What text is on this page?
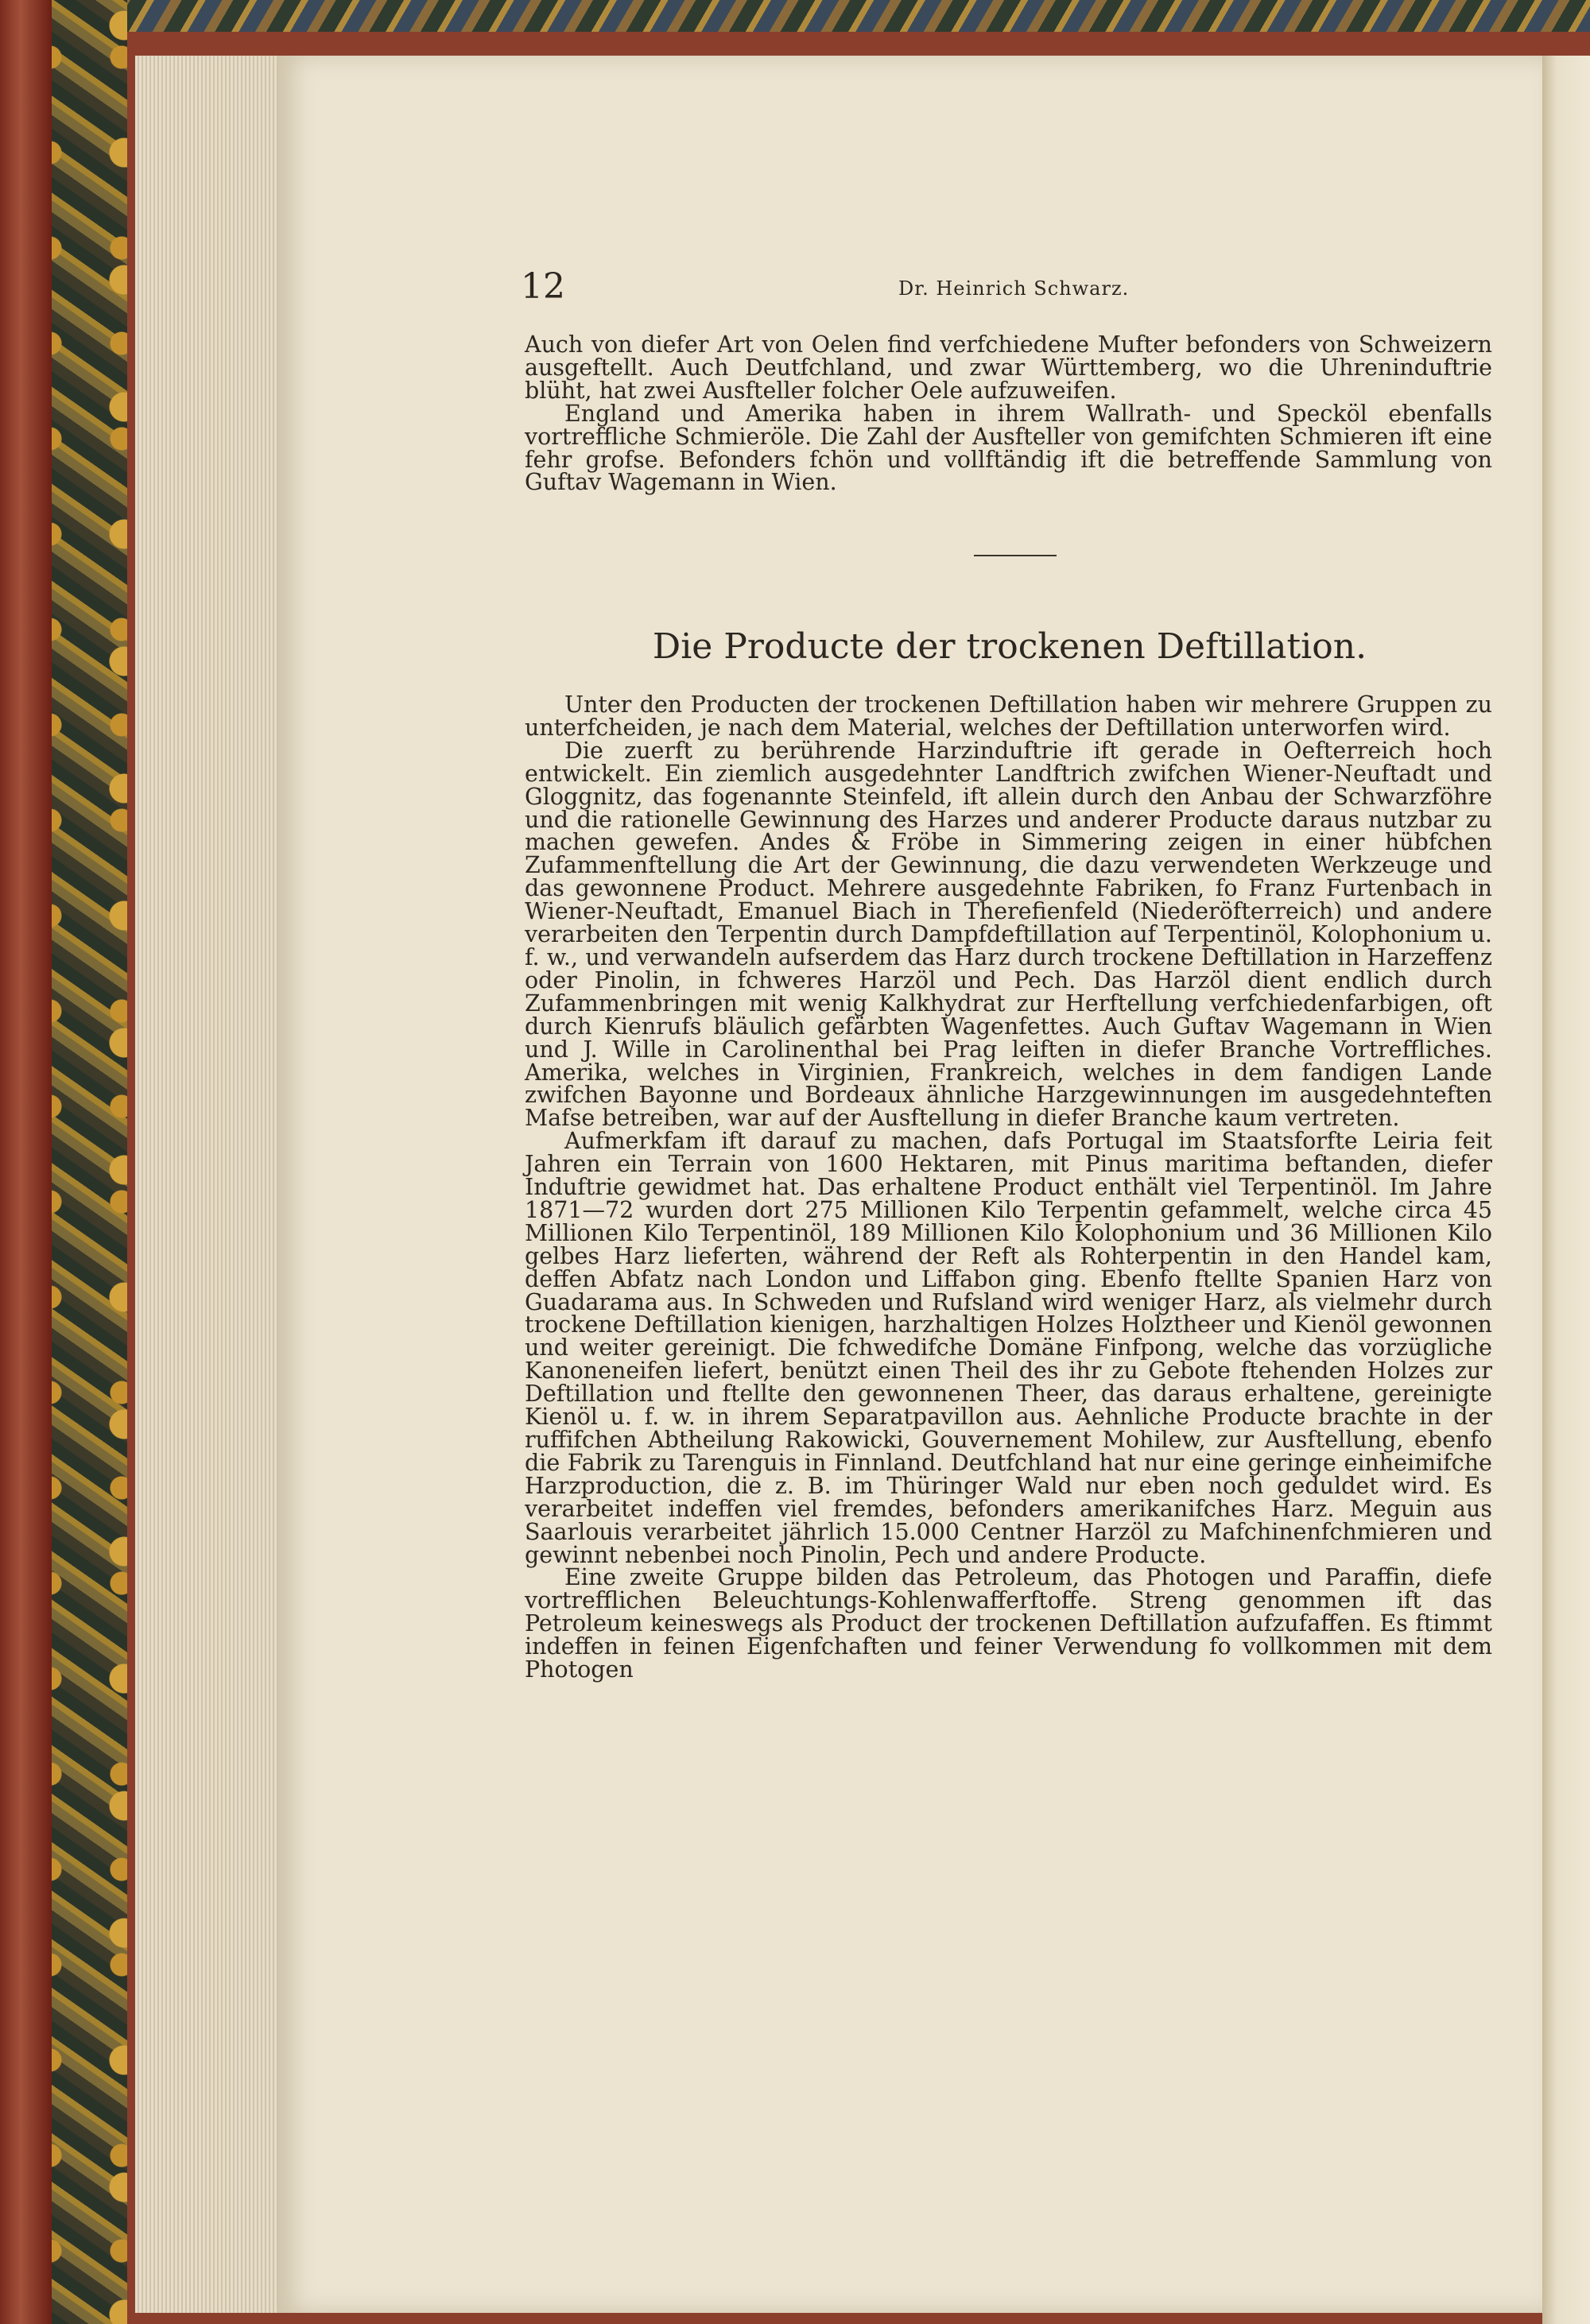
12	Dr. Heinrich Schwarz.

Auch von diefer Art von Oelen find verfchiedene Mufter befonders von Schweizern ausgeftellt. Auch Deutfchland, und zwar Württemberg, wo die Uhreninduftrie blüht, hat zwei Ausfteller folcher Oele aufzuweifen.

England und Amerika haben in ihrem Wallrath- und Specköl ebenfalls vortreffliche Schmieröle. Die Zahl der Ausfteller von gemifchten Schmieren ift eine fehr grofse. Befonders fchön und vollftändig ift die betreffende Sammlung von Guftav Wagemann in Wien.

Die Producte der trockenen Deftillation.

Unter den Producten der trockenen Deftillation haben wir mehrere Gruppen zu unterfcheiden, je nach dem Material, welches der Deftillation unterworfen wird.

Die zuerft zu berührende Harzinduftrie ift gerade in Oefterreich hoch entwickelt. Ein ziemlich ausgedehnter Landftrich zwifchen Wiener-Neuftadt und Gloggnitz, das fogenannte Steinfeld, ift allein durch den Anbau der Schwarzföhre und die rationelle Gewinnung des Harzes und anderer Producte daraus nutzbar zu machen gewefen. Andes & Fröbe in Simmering zeigen in einer hübfchen Zufammenftellung die Art der Gewinnung, die dazu verwendeten Werkzeuge und das gewonnene Product. Mehrere ausgedehnte Fabriken, fo Franz Furtenbach in Wiener-Neuftadt, Emanuel Biach in Therefienfeld (Niederöfterreich) und andere verarbeiten den Terpentin durch Dampfdeftillation auf Terpentinöl, Kolophonium u. f. w., und verwandeln aufserdem das Harz durch trockene Deftillation in Harzeffenz oder Pinolin, in fchweres Harzöl und Pech. Das Harzöl dient endlich durch Zufammenbringen mit wenig Kalkhydrat zur Herftellung verfchiedenfarbigen, oft durch Kienrufs bläulich gefärbten Wagenfettes. Auch Guftav Wagemann in Wien und J. Wille in Carolinenthal bei Prag leiften in diefer Branche Vortreffliches. Amerika, welches in Virginien, Frankreich, welches in dem fandigen Lande zwifchen Bayonne und Bordeaux ähnliche Harzgewinnungen im ausgedehnteften Mafse betreiben, war auf der Ausftellung in diefer Branche kaum vertreten.

Aufmerkfam ift darauf zu machen, dafs Portugal im Staatsforfte Leiria feit Jahren ein Terrain von 1600 Hektaren, mit Pinus maritima beftanden, diefer Induftrie gewidmet hat. Das erhaltene Product enthält viel Terpentinöl. Im Jahre 1871—72 wurden dort 275 Millionen Kilo Terpentin gefammelt, welche circa 45 Millionen Kilo Terpentinöl, 189 Millionen Kilo Kolophonium und 36 Millionen Kilo gelbes Harz lieferten, während der Reft als Rohterpentin in den Handel kam, deffen Abfatz nach London und Liffabon ging. Ebenfo ftellte Spanien Harz von Guadarama aus. In Schweden und Rufsland wird weniger Harz, als vielmehr durch trockene Deftillation kienigen, harzhaltigen Holzes Holztheer und Kienöl gewonnen und weiter gereinigt. Die fchwedifche Domäne Finfpong, welche das vorzügliche Kanoneneifen liefert, benützt einen Theil des ihr zu Gebote ftehenden Holzes zur Deftillation und ftellte den gewonnenen Theer, das daraus erhaltene, gereinigte Kienöl u. f. w. in ihrem Separatpavillon aus. Aehnliche Producte brachte in der ruffifchen Abtheilung Rakowicki, Gouvernement Mohilew, zur Ausftellung, ebenfo die Fabrik zu Tarenguis in Finnland. Deutfchland hat nur eine geringe einheimifche Harzproduction, die z. B. im Thüringer Wald nur eben noch geduldet wird. Es verarbeitet indeffen viel fremdes, befonders amerikanifches Harz. Meguin aus Saarlouis verarbeitet jährlich 15.000 Centner Harzöl zu Mafchinenfchmieren und gewinnt nebenbei noch Pinolin, Pech und andere Producte.

Eine zweite Gruppe bilden das Petroleum, das Photogen und Paraffin, diefe vortrefflichen Beleuchtungs-Kohlenwafferftoffe. Streng genommen ift das Petroleum keineswegs als Product der trockenen Deftillation aufzufaffen. Es ftimmt indeffen in feinen Eigenfchaften und feiner Verwendung fo vollkommen mit dem Photogen
